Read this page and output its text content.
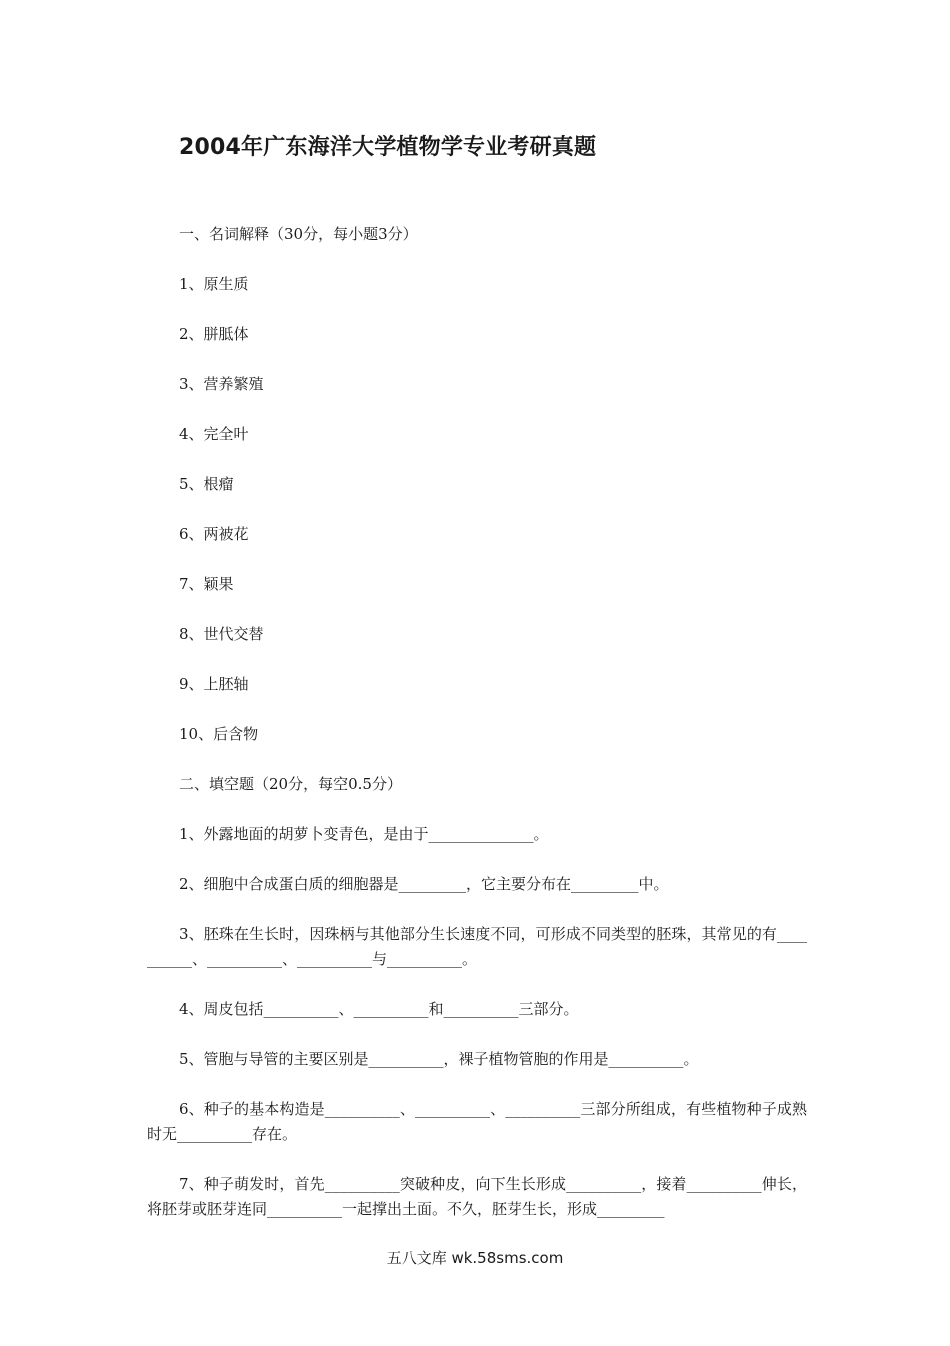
2004年广东海洋大学植物学专业考研真题
一、名词解释（30分，每小题3分）
1、原生质
2、胼胝体
3、营养繁殖
4、完全叶
5、根瘤
6、两被花
7、颖果
8、世代交替
9、上胚轴
10、后含物
二、填空题（20分，每空0.5分）
1、外露地面的胡萝卜变青色，是由于______________。
2、细胞中合成蛋白质的细胞器是_________，它主要分布在_________中。
3、胚珠在生长时，因珠柄与其他部分生长速度不同，可形成不同类型的胚珠，其常见的有__________、__________、__________与__________。
4、周皮包括__________、__________和__________三部分。
5、管胞与导管的主要区别是__________，裸子植物管胞的作用是__________。
6、种子的基本构造是__________、__________、__________三部分所组成，有些植物种子成熟时无__________存在。
7、种子萌发时，首先__________突破种皮，向下生长形成__________，接着__________伸长，将胚芽或胚芽连同__________一起撑出土面。不久，胚芽生长，形成_________
五八文库 wk.58sms.com
